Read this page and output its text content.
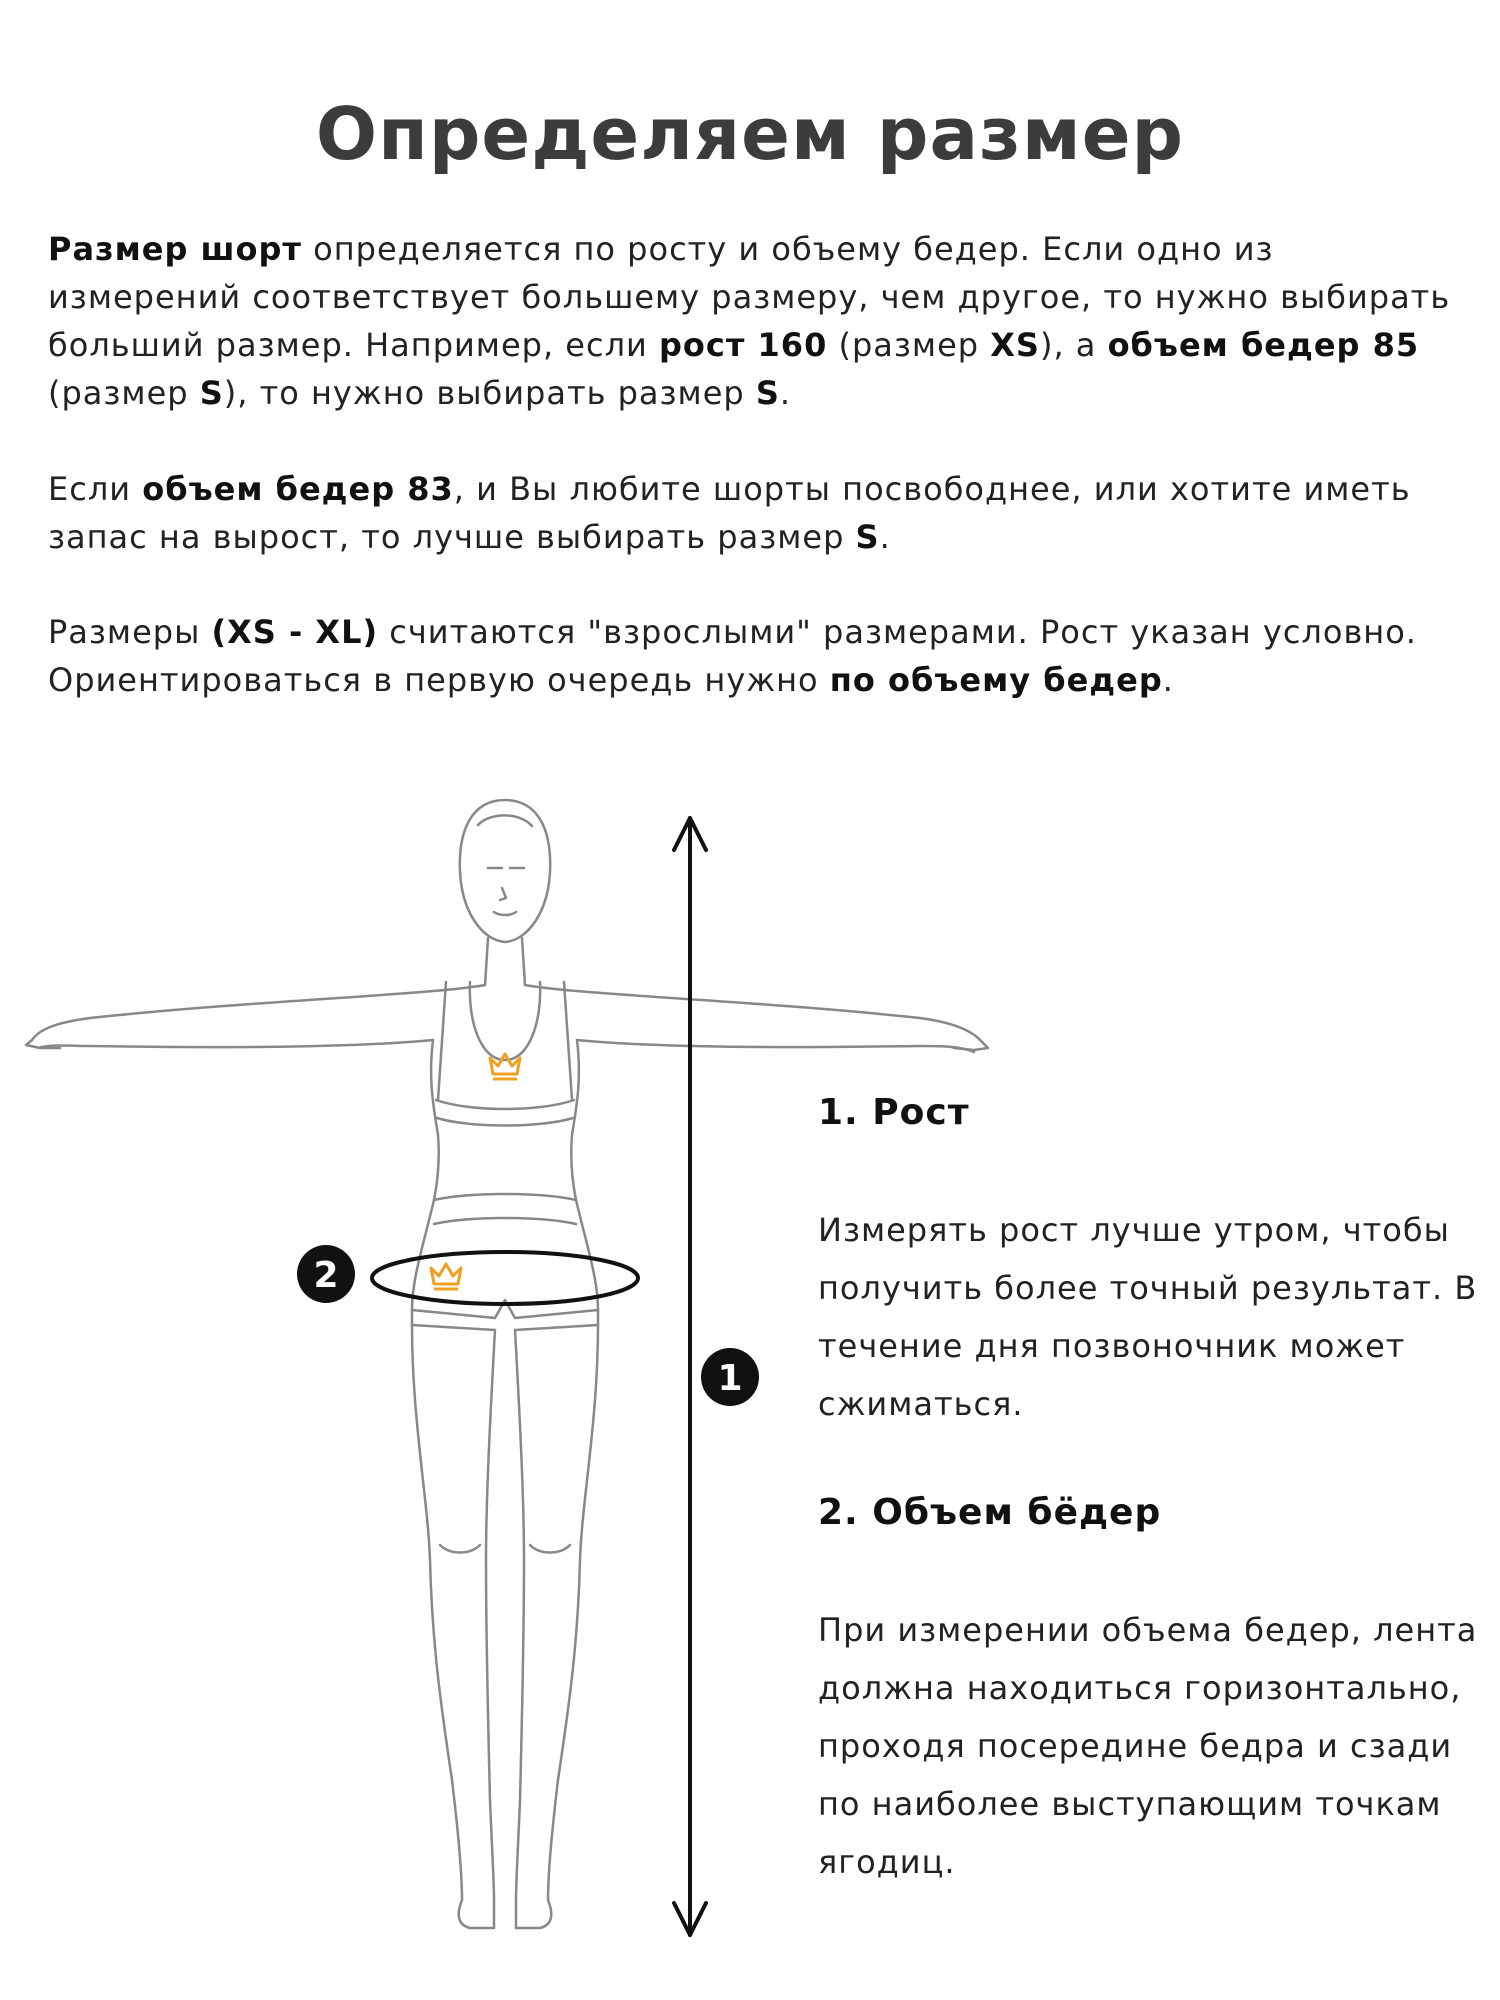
Определяем размер

Размер шорт определяется по росту и объему бедер. Если одно из измерений соответствует большему размеру, чем другое, то нужно выбирать больший размер. Например, если рост 160 (размер XS), а объем бедер 85 (размер S), то нужно выбирать размер S.

Если объем бедер 83, и Вы любите шорты посвободнее, или хотите иметь запас на вырост, то лучше выбирать размер S.

Размеры (XS - XL) считаются "взрослыми" размерами. Рост указан условно. Ориентироваться в первую очередь нужно по объему бедер.

2
1
1. Рост

Измерять рост лучше утром, чтобы получить более точный результат. В течение дня позвоночник может сжиматься.

2. Объем бёдер

При измерении объема бедер, лента должна находиться горизонтально, проходя посередине бедра и сзади по наиболее выступающим точкам ягодиц.
